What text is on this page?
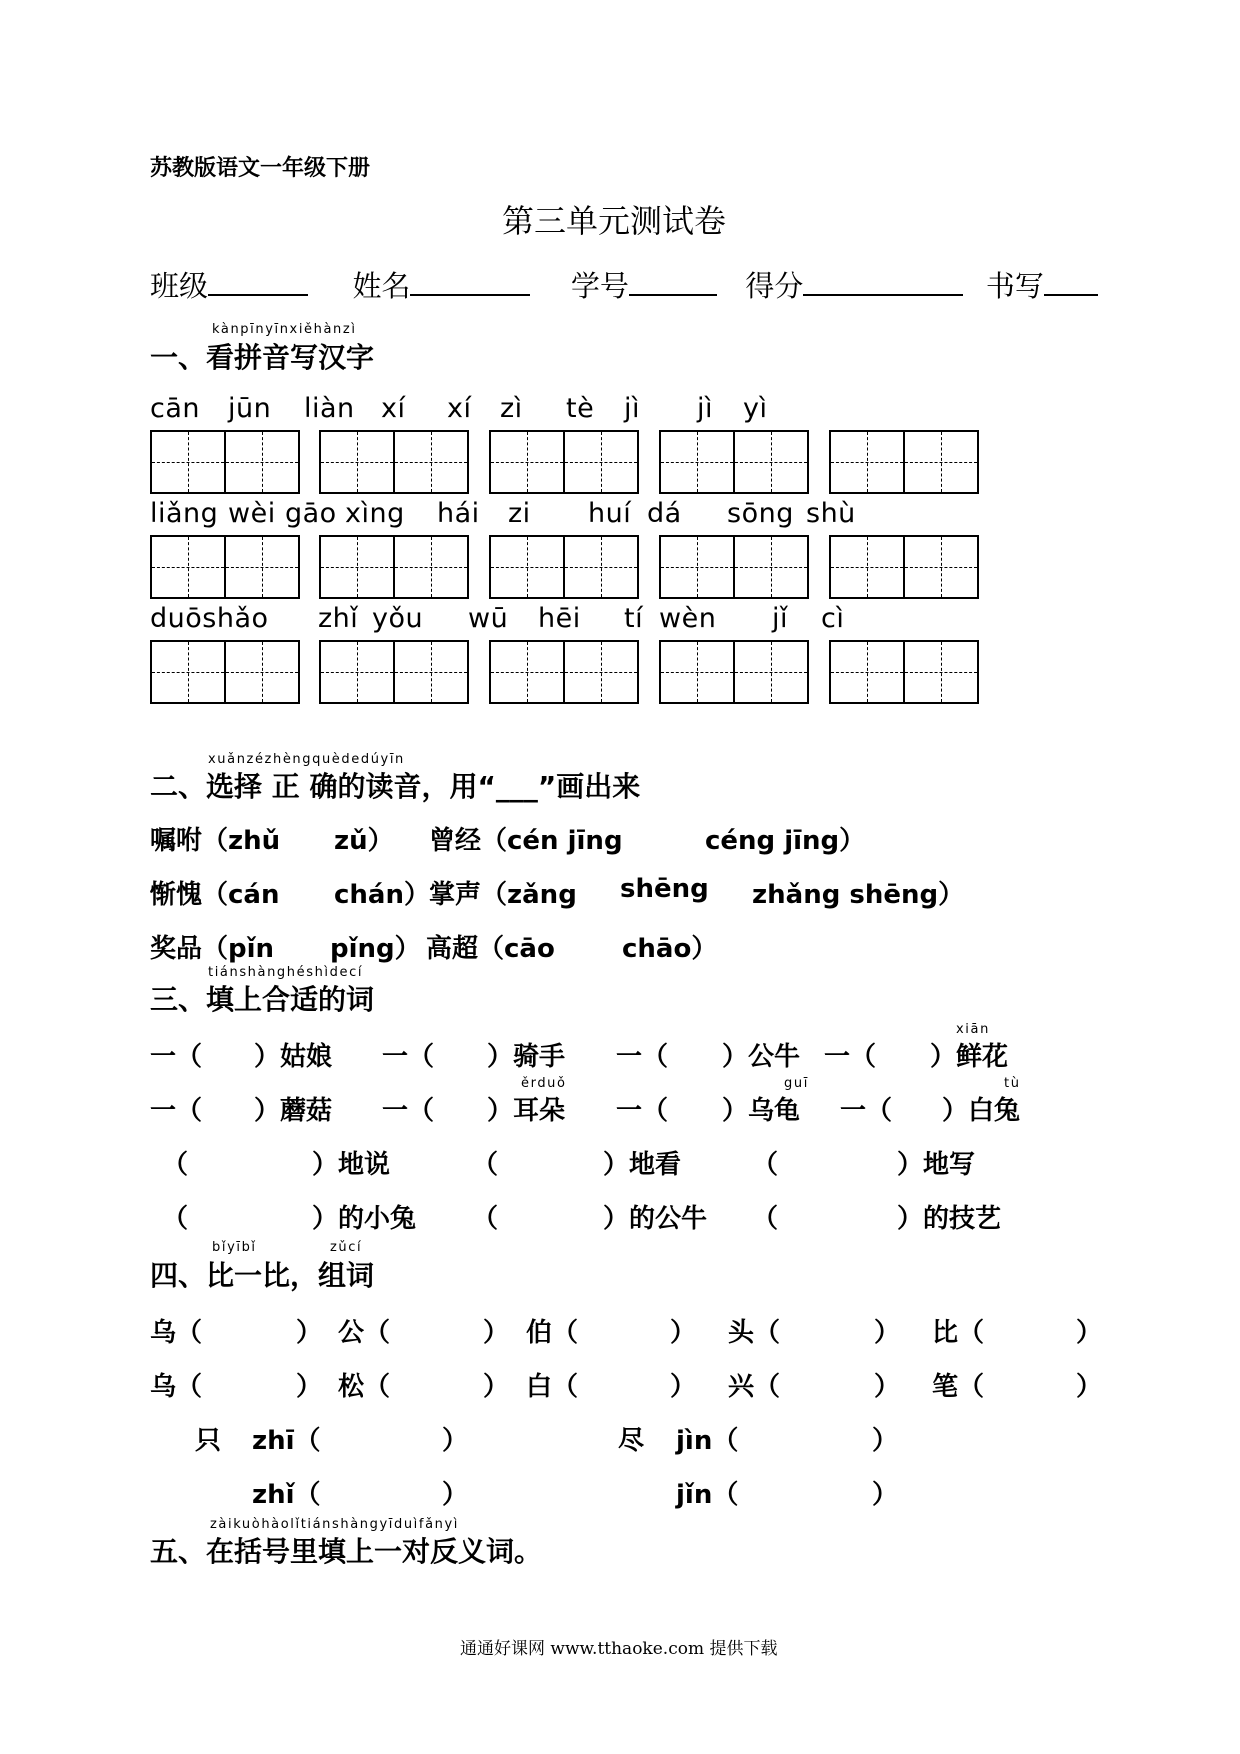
苏教版语文一年级下册
第三单元测试卷
班级	姓名	学号	得分	书写
kànpīnyīnxiěhànzì
一、看拼音写汉字
cān jūn liàn xí xí zì tè jì jì yì
liǎng wèi gāo xìng hái zi huí dá sōng shù
duōshǎo zhǐ yǒu wū hēi tí wèn jǐ cì
xuǎnzézhèngquèdedúyīn
二、选择 正 确的读音，用“___”画出来
嘱咐（zhǔ zǔ） 曾经（cén jīng	céng jīng）
惭愧（cán chán） 掌声（zǎng shēng zhǎng shēng）
奖品（pǐn pǐng） 高超（cāo	chāo）
tiánshànghéshìdecí
三、填上合适的词
一（ ）姑娘 一（ ）骑手 一（ ）公牛 一（ ）鲜花
xiān
ěrduǒ	guī	tù
一（ ）蘑菇 一（ ）耳朵 一（ ）乌龟 一（ ）白兔
（	）地说	（	）地看	（	）地写
（	）的小兔 （	）的公牛 （	）的技艺
bǐyībǐ	zǔcí
四、比一比，组词
乌（	） 公（	） 伯（	） 头（	） 比（	）
乌（	） 松（	） 白（	） 兴（	） 笔（	）
只 zhī（	）	尽 jìn（	）
zhǐ（	）	jǐn（	）
zàikuòhàolǐtiánshàngyīduìfǎnyì
五、在括号里填上一对反义词。
通通好课网 www.tthaoke.com 提供下载
